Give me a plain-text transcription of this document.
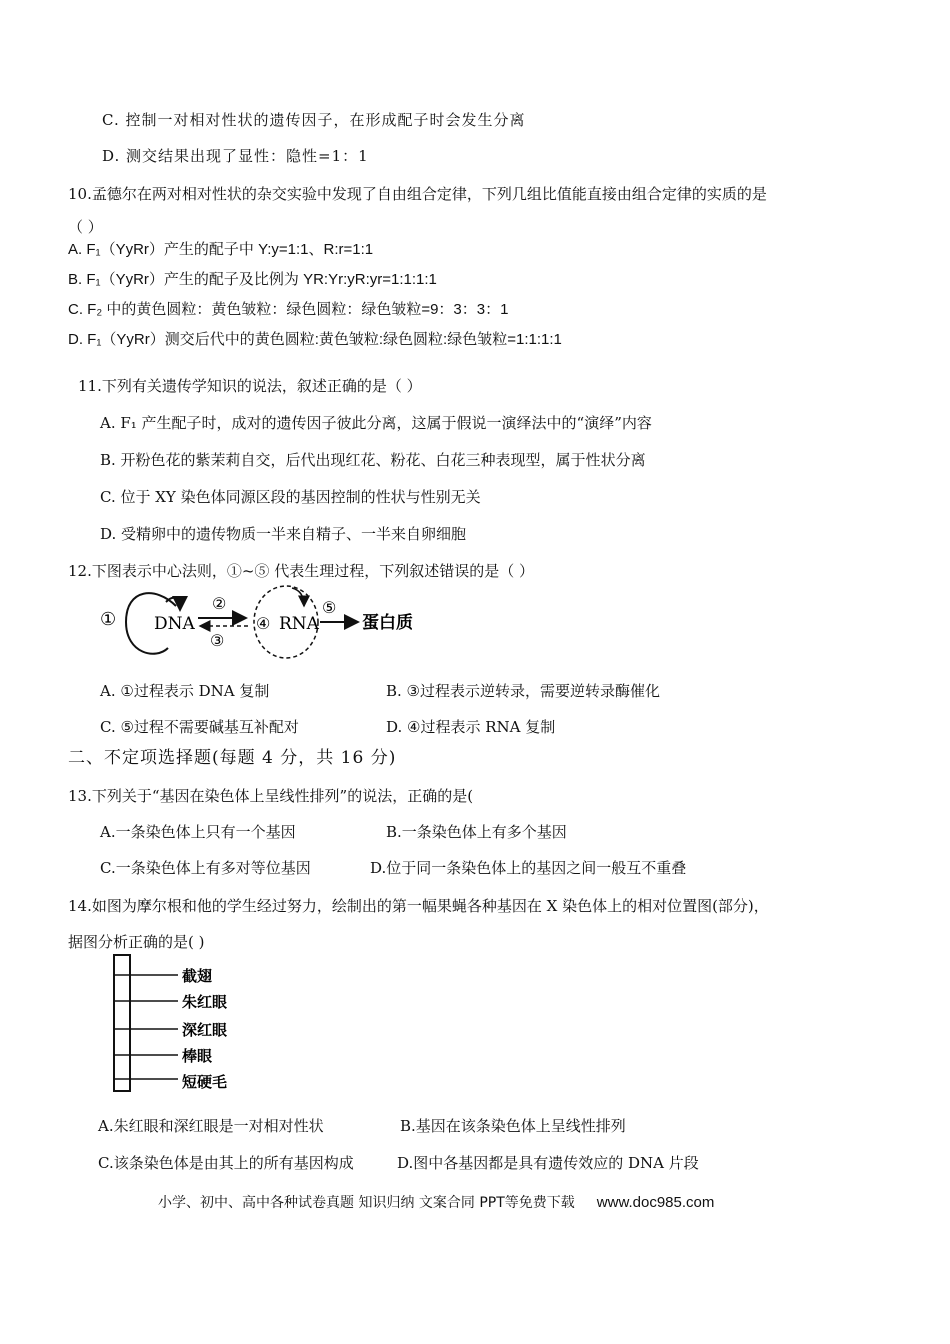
C. 控制一对相对性状的遗传因子，在形成配子时会发生分离
D. 测交结果出现了显性：隐性=1：1
10.孟德尔在两对相对性状的杂交实验中发现了自由组合定律，下列几组比值能直接由组合定律的实质的是
（ ）
A. F₁（YyRr）产生的配子中 Y:y=1:1、R:r=1:1
B. F₁（YyRr）产生的配子及比例为 YR:Yr:yR:yr=1:1:1:1
C. F₂ 中的黄色圆粒：黄色皱粒：绿色圆粒：绿色皱粒=9：3：3：1
D. F₁（YyRr）测交后代中的黄色圆粒:黄色皱粒:绿色圆粒:绿色皱粒=1:1:1:1
11.下列有关遗传学知识的说法，叙述正确的是（ ）
A. F₁ 产生配子时，成对的遗传因子彼此分离，这属于假说一演绎法中的“演绎”内容
B. 开粉色花的紫茉莉自交，后代出现红花、粉花、白花三种表现型，属于性状分离
C. 位于 XY 染色体同源区段的基因控制的性状与性别无关
D. 受精卵中的遗传物质一半来自精子、一半来自卵细胞
12.下图表示中心法则，①~⑤ 代表生理过程，下列叙述错误的是（ ）
① DNA
②
③
④ RNA
⑤
蛋白质
A. ①过程表示 DNA 复制	B. ③过程表示逆转录，需要逆转录酶催化
C. ⑤过程不需要碱基互补配对	D. ④过程表示 RNA 复制
二、不定项选择题(每题 4 分，共 16 分)
13.下列关于“基因在染色体上呈线性排列”的说法，正确的是(
A.一条染色体上只有一个基因	B.一条染色体上有多个基因
C.一条染色体上有多对等位基因	D.位于同一条染色体上的基因之间一般互不重叠
14.如图为摩尔根和他的学生经过努力，绘制出的第一幅果蝇各种基因在 X 染色体上的相对位置图(部分)，
据图分析正确的是( )
截翅
朱红眼
深红眼
棒眼
短硬毛
A.朱红眼和深红眼是一对相对性状	B.基因在该条染色体上呈线性排列
C.该条染色体是由其上的所有基因构成	D.图中各基因都是具有遗传效应的 DNA 片段
小学、初中、高中各种试卷真题 知识归纳 文案合同 PPT等免费下载 www.doc985.com
